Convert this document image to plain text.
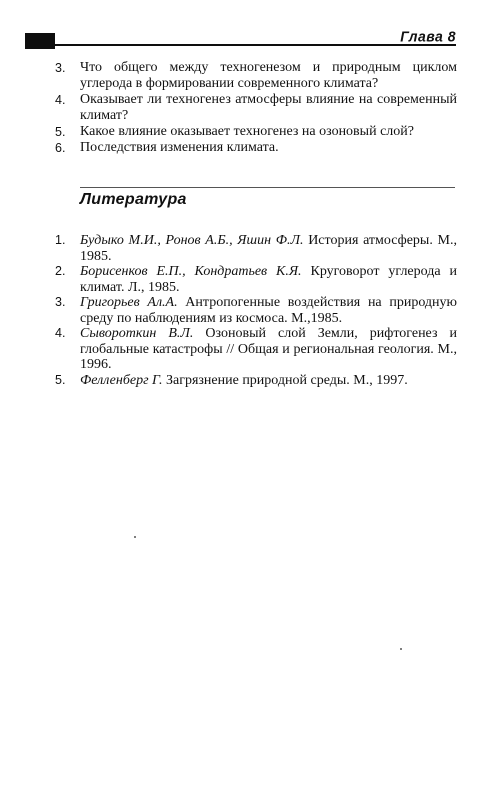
Глава 8
3. Что общего между техногенезом и природным циклом углерода в формировании современного климата?
4. Оказывает ли техногенез атмосферы влияние на современный климат?
5. Какое влияние оказывает техногенез на озоновый слой?
6. Последствия изменения климата.
Литература
1. Будыко М.И., Ронов А.Б., Яшин Ф.Л. История атмосферы. М., 1985.
2. Борисенков Е.П., Кондратьев К.Я. Круговорот углерода и климат. Л., 1985.
3. Григорьев Ал.А. Антропогенные воздействия на природную среду по наблюдениям из космоса. М.,1985.
4. Сывороткин В.Л. Озоновый слой Земли, рифтогенез и глобальные катастрофы // Общая и региональная геология. М., 1996.
5. Фелленберг Г. Загрязнение природной среды. М., 1997.
